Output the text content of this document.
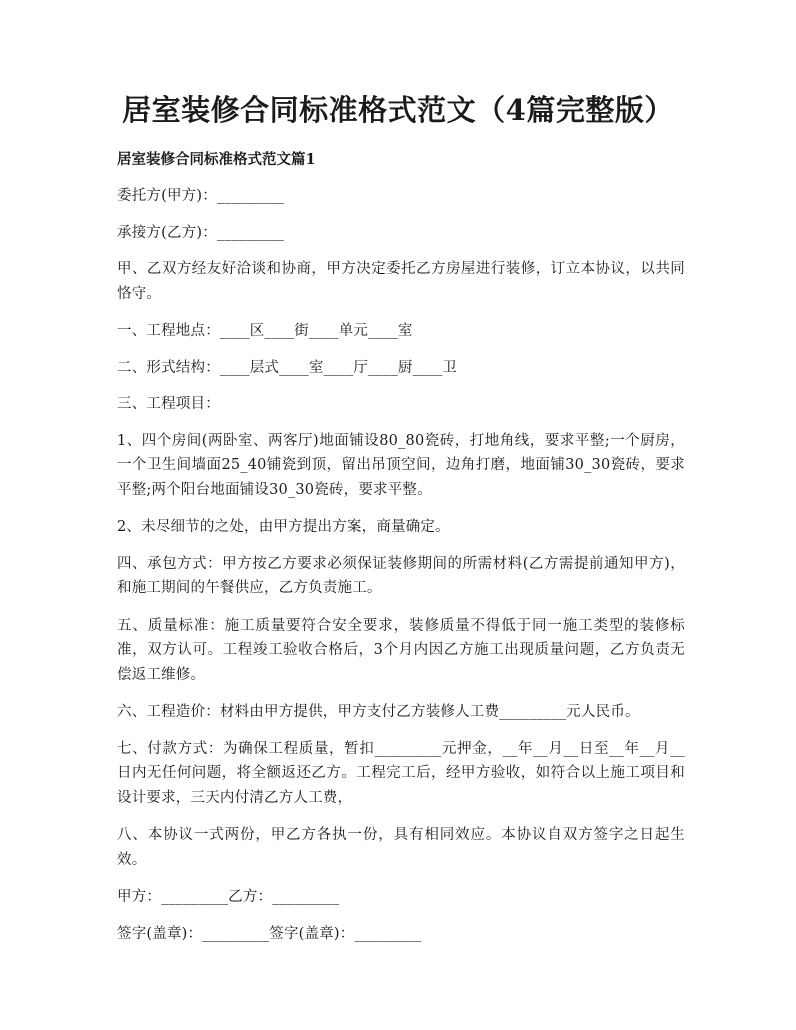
居室装修合同标准格式范文（4篇完整版）
居室装修合同标准格式范文篇1

委托方(甲方)：_________

承接方(乙方)：_________

甲、乙双方经友好洽谈和协商，甲方决定委托乙方房屋进行装修，订立本协议，以共同恪守。

一、工程地点：____区____街____单元____室

二、形式结构：____层式____室____厅____厨____卫

三、工程项目：

1、四个房间(两卧室、两客厅)地面铺设80_80瓷砖，打地角线，要求平整;一个厨房，一个卫生间墙面25_40铺瓷到顶，留出吊顶空间，边角打磨，地面铺30_30瓷砖，要求平整;两个阳台地面铺设30_30瓷砖，要求平整。

2、未尽细节的之处，由甲方提出方案，商量确定。

四、承包方式：甲方按乙方要求必须保证装修期间的所需材料(乙方需提前通知甲方)，和施工期间的午餐供应，乙方负责施工。

五、质量标准：施工质量要符合安全要求，装修质量不得低于同一施工类型的装修标准，双方认可。工程竣工验收合格后，3个月内因乙方施工出现质量问题，乙方负责无偿返工维修。

六、工程造价：材料由甲方提供，甲方支付乙方装修人工费_________元人民币。

七、付款方式：为确保工程质量，暂扣_________元押金，__年__月__日至__年__月__日内无任何问题，将全额返还乙方。工程完工后，经甲方验收，如符合以上施工项目和设计要求，三天内付清乙方人工费，

八、本协议一式两份，甲乙方各执一份，具有相同效应。本协议自双方签字之日起生效。

甲方：_________乙方：_________

签字(盖章)：_________签字(盖章)：_________
